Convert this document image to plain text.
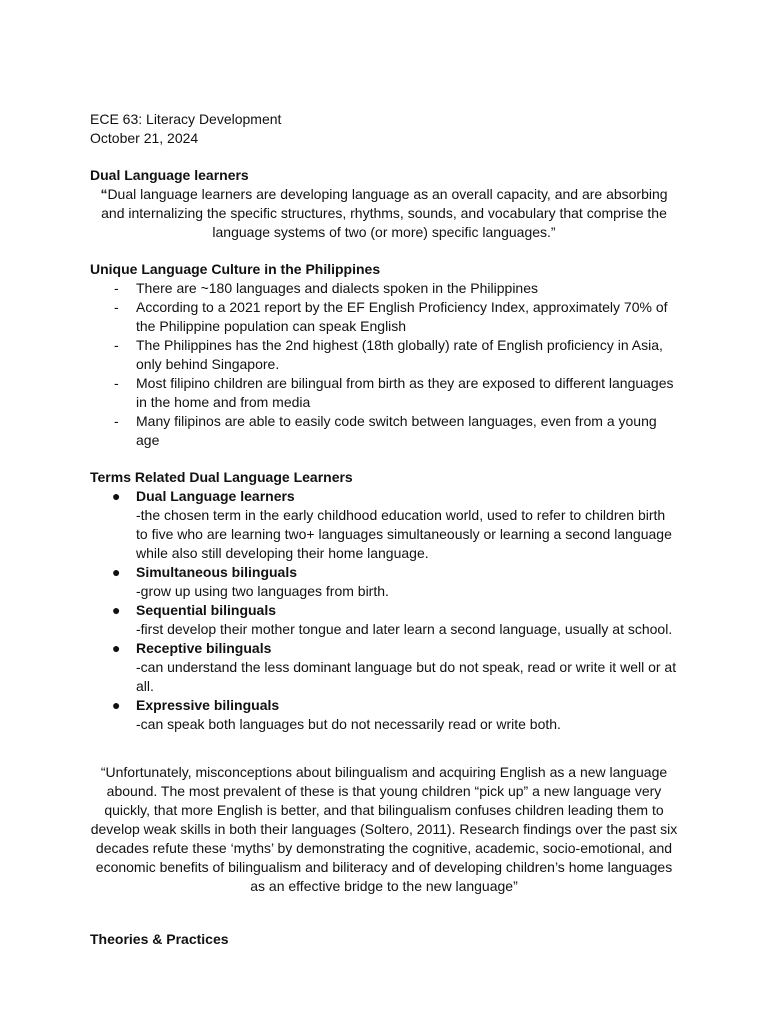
ECE 63: Literacy Development

October 21, 2024

Dual Language learners

“Dual language learners are developing language as an overall capacity, and are absorbing and internalizing the specific structures, rhythms, sounds, and vocabulary that comprise the language systems of two (or more) specific languages.”

Unique Language Culture in the Philippines

- There are ~180 languages and dialects spoken in the Philippines
- According to a 2021 report by the EF English Proficiency Index, approximately 70% of the Philippine population can speak English
- The Philippines has the 2nd highest (18th globally) rate of English proficiency in Asia, only behind Singapore.
- Most filipino children are bilingual from birth as they are exposed to different languages in the home and from media
- Many filipinos are able to easily code switch between languages, even from a young age

Terms Related Dual Language Learners

● Dual Language learners
-the chosen term in the early childhood education world, used to refer to children birth to five who are learning two+ languages simultaneously or learning a second language while also still developing their home language.
● Simultaneous bilinguals
-grow up using two languages from birth.
● Sequential bilinguals
-first develop their mother tongue and later learn a second language, usually at school.
● Receptive bilinguals
-can understand the less dominant language but do not speak, read or write it well or at all.
● Expressive bilinguals
-can speak both languages but do not necessarily read or write both.

“Unfortunately, misconceptions about bilingualism and acquiring English as a new language abound. The most prevalent of these is that young children “pick up” a new language very quickly, that more English is better, and that bilingualism confuses children leading them to develop weak skills in both their languages (Soltero, 2011). Research findings over the past six decades refute these ‘myths’ by demonstrating the cognitive, academic, socio-emotional, and economic benefits of bilingualism and biliteracy and of developing children’s home languages as an effective bridge to the new language”

Theories & Practices
